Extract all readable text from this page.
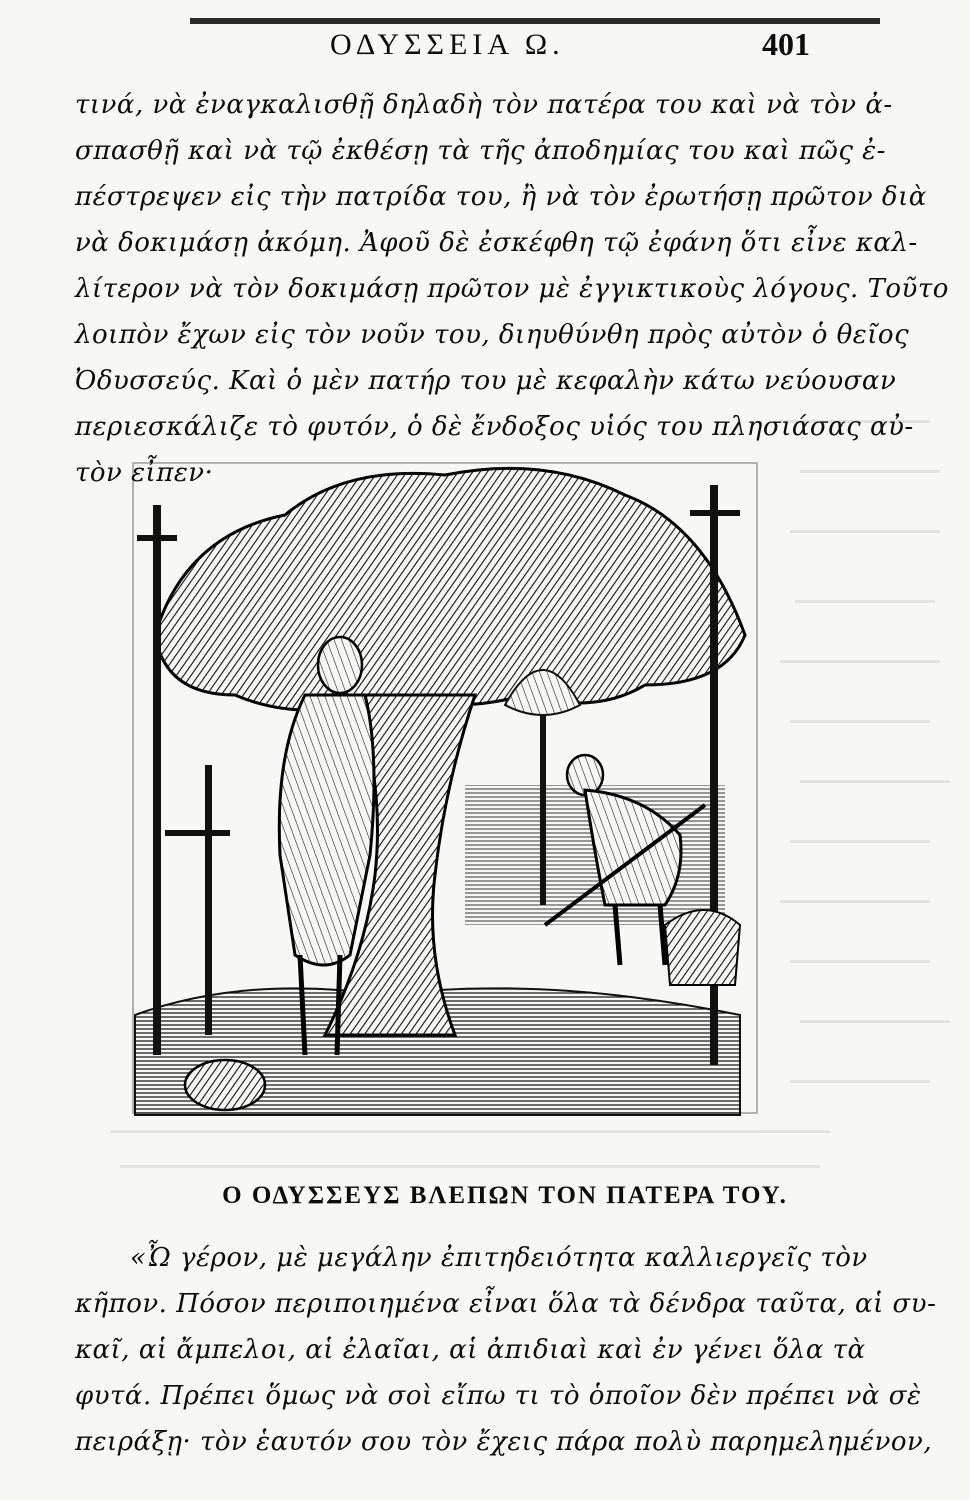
ΟΔΥΣΣΕΙΑ Ω.	401
τινά, νὰ ἐναγκαλισθῇ δηλαδὴ τὸν πατέρα του καὶ νὰ τὸν ἀ-
σπασθῇ καὶ νὰ τῷ ἐκθέσῃ τὰ τῆς ἀποδημίας του καὶ πῶς ἐ-
πέστρεψεν εἰς τὴν πατρίδα του, ἢ νὰ τὸν ἐρωτήσῃ πρῶτον διὰ
νὰ δοκιμάσῃ ἀκόμη. Ἀφοῦ δὲ ἐσκέφθη τῷ ἐφάνη ὅτι εἶνε καλ-
λίτερον νὰ τὸν δοκιμάσῃ πρῶτον μὲ ἐγγικτικοὺς λόγους. Τοῦτο
λοιπὸν ἔχων εἰς τὸν νοῦν του, διηυθύνθη πρὸς αὐτὸν ὁ θεῖος
Ὀδυσσεύς. Καὶ ὁ μὲν πατήρ του μὲ κεφαλὴν κάτω νεύουσαν
περιεσκάλιζε τὸ φυτόν, ὁ δὲ ἔνδοξος υἱός του πλησιάσας αὐ-
τὸν εἶπεν·
Ο ΟΔΥΣΣΕΥΣ ΒΛΕΠΩΝ ΤΟΝ ΠΑΤΕΡΑ ΤΟΥ.
«Ὦ γέρον, μὲ μεγάλην ἐπιτηδειότητα καλλιεργεῖς τὸν
κῆπον. Πόσον περιποιημένα εἶναι ὅλα τὰ δένδρα ταῦτα, αἱ συ-
καῖ, αἱ ἄμπελοι, αἱ ἐλαῖαι, αἱ ἀπιδιαὶ καὶ ἐν γένει ὅλα τὰ
φυτά. Πρέπει ὅμως νὰ σοὶ εἴπω τι τὸ ὁποῖον δὲν πρέπει νὰ σὲ
πειράξῃ· τὸν ἑαυτόν σου τὸν ἔχεις πάρα πολὺ παρημελημένον,
